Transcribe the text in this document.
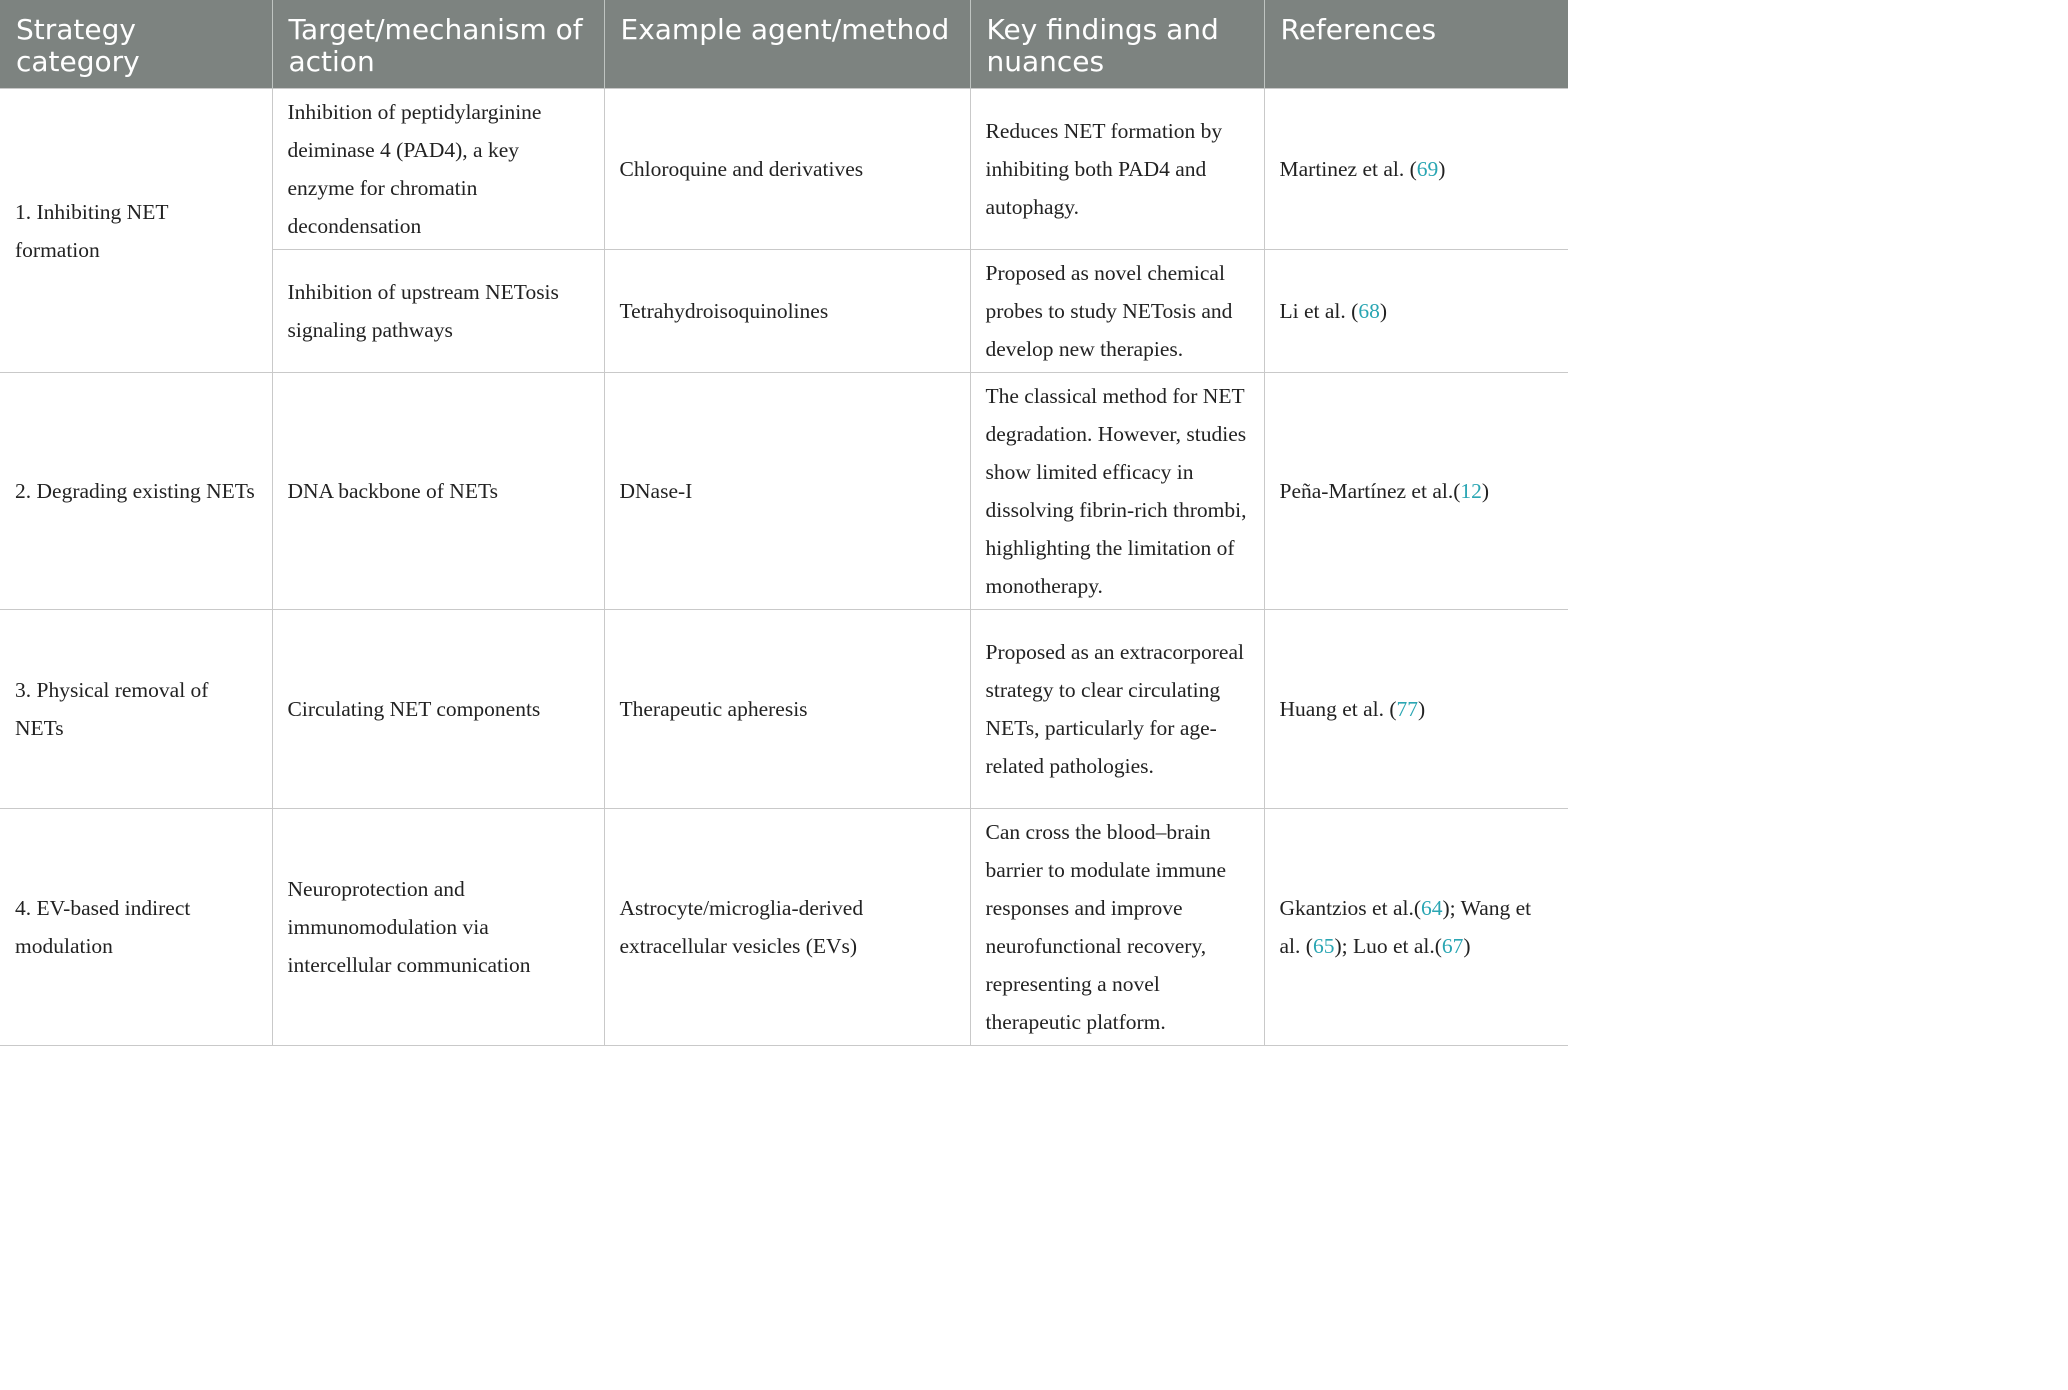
Strategy category	Target/mechanism of action	Example agent/method	Key findings and nuances	References
1. Inhibiting NET formation	Inhibition of peptidylarginine deiminase 4 (PAD4), a key enzyme for chromatin decondensation	Chloroquine and derivatives	Reduces NET formation by inhibiting both PAD4 and autophagy.	Martinez et al. (69)
	Inhibition of upstream NETosis signaling pathways	Tetrahydroisoquinolines	Proposed as novel chemical probes to study NETosis and develop new therapies.	Li et al. (68)
2. Degrading existing NETs	DNA backbone of NETs	DNase-I	The classical method for NET degradation. However, studies show limited efficacy in dissolving fibrin-rich thrombi, highlighting the limitation of monotherapy.	Peña-Martínez et al.(12)
3. Physical removal of NETs	Circulating NET components	Therapeutic apheresis	Proposed as an extracorporeal strategy to clear circulating NETs, particularly for age-related pathologies.	Huang et al. (77)
4. EV-based indirect modulation	Neuroprotection and immunomodulation via intercellular communication	Astrocyte/microglia-derived extracellular vesicles (EVs)	Can cross the blood–brain barrier to modulate immune responses and improve neurofunctional recovery, representing a novel therapeutic platform.	Gkantzios et al.(64); Wang et al. (65); Luo et al.(67)
